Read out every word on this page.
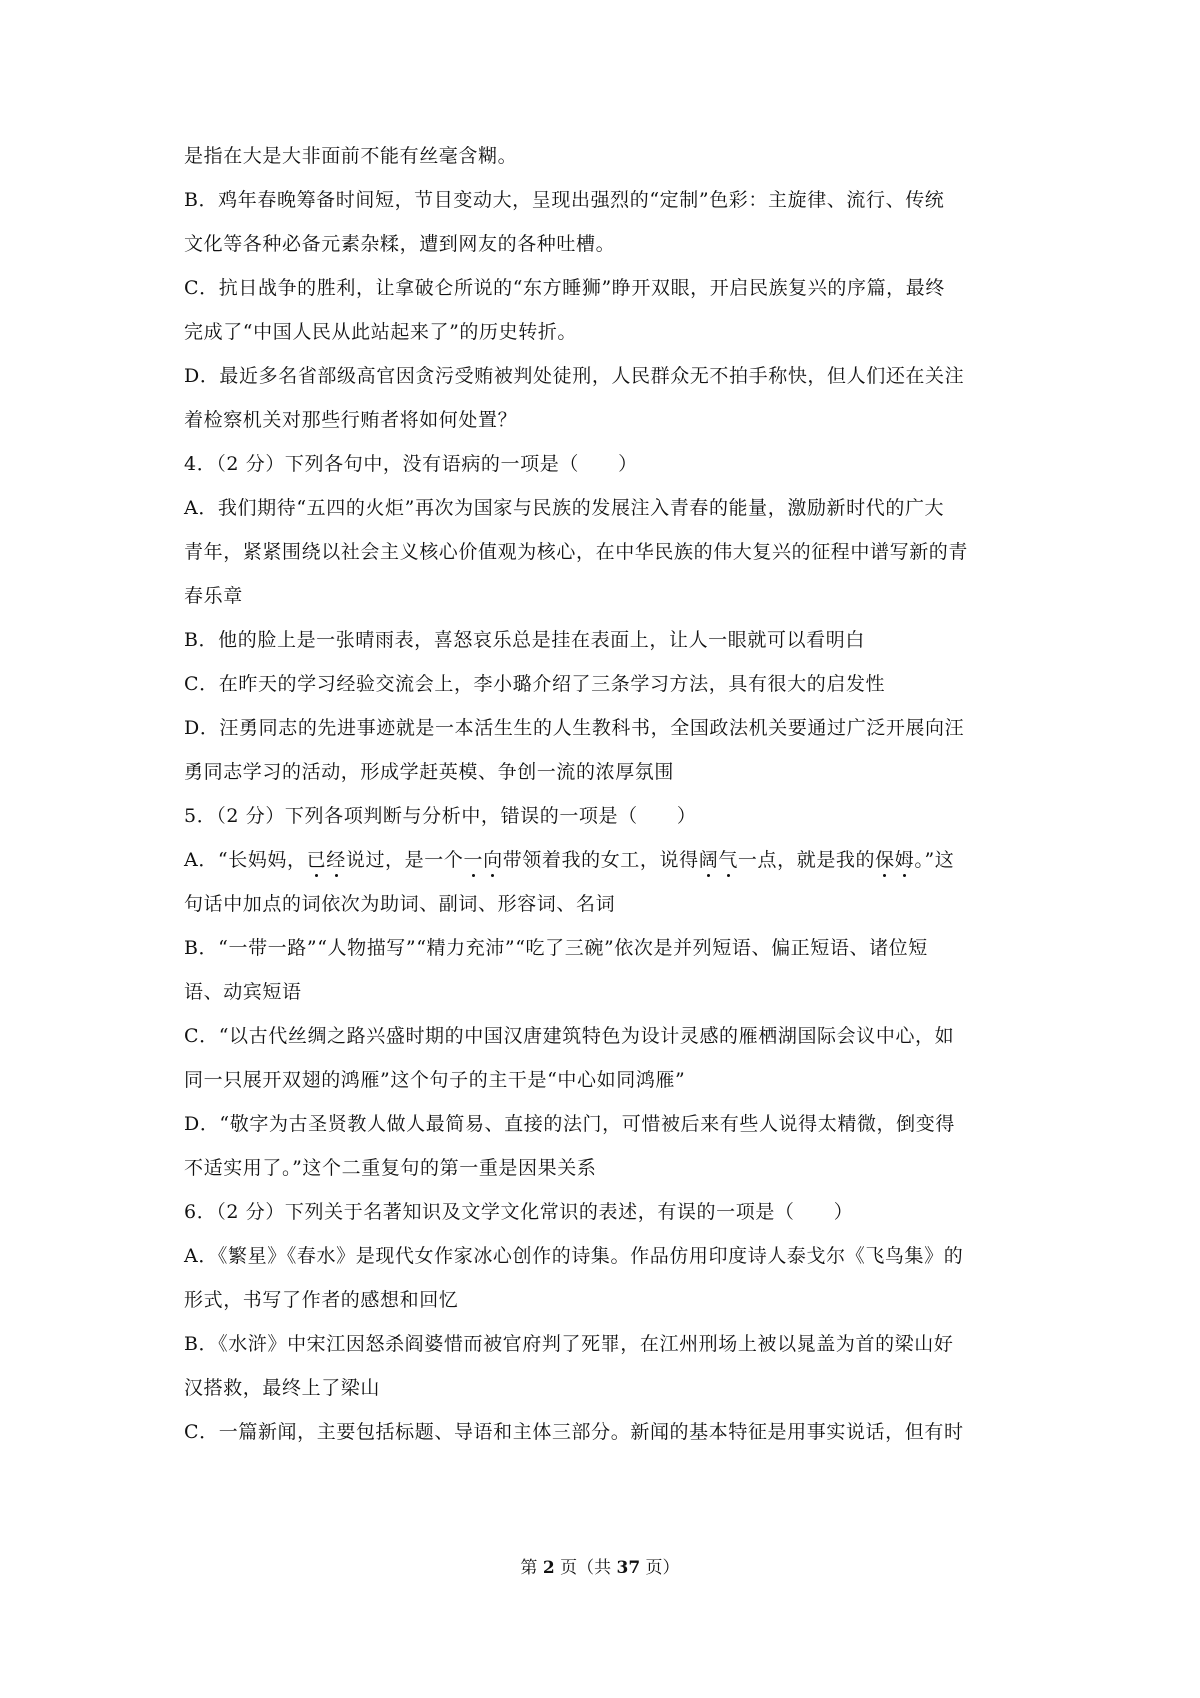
是指在大是大非面前不能有丝毫含糊。
B．鸡年春晚筹备时间短，节目变动大，呈现出强烈的“定制”色彩：主旋律、流行、传统
文化等各种必备元素杂糅，遭到网友的各种吐槽。
C．抗日战争的胜利，让拿破仑所说的“东方睡狮”睁开双眼，开启民族复兴的序篇，最终
完成了“中国人民从此站起来了”的历史转折。
D．最近多名省部级高官因贪污受贿被判处徒刑，人民群众无不拍手称快，但人们还在关注
着检察机关对那些行贿者将如何处置？
4．（2 分）下列各句中，没有语病的一项是（　　）
A．我们期待“五四的火炬”再次为国家与民族的发展注入青春的能量，激励新时代的广大
青年，紧紧围绕以社会主义核心价值观为核心，在中华民族的伟大复兴的征程中谱写新的青
春乐章
B．他的脸上是一张晴雨表，喜怒哀乐总是挂在表面上，让人一眼就可以看明白
C．在昨天的学习经验交流会上，李小璐介绍了三条学习方法，具有很大的启发性
D．汪勇同志的先进事迹就是一本活生生的人生教科书，全国政法机关要通过广泛开展向汪
勇同志学习的活动，形成学赶英模、争创一流的浓厚氛围
5．（2 分）下列各项判断与分析中，错误的一项是（　　）
A．“长妈妈，已经说过，是一个一向带领着我的女工，说得阔气一点，就是我的保姆。”这
句话中加点的词依次为助词、副词、形容词、名词
B．“一带一路”“人物描写”“精力充沛”“吃了三碗”依次是并列短语、偏正短语、诸位短
语、动宾短语
C．“以古代丝绸之路兴盛时期的中国汉唐建筑特色为设计灵感的雁栖湖国际会议中心，如
同一只展开双翅的鸿雁”这个句子的主干是“中心如同鸿雁”
D．“敬字为古圣贤教人做人最简易、直接的法门，可惜被后来有些人说得太精微，倒变得
不适实用了。”这个二重复句的第一重是因果关系
6．（2 分）下列关于名著知识及文学文化常识的表述，有误的一项是（　　）
A．《繁星》《春水》是现代女作家冰心创作的诗集。作品仿用印度诗人泰戈尔《飞鸟集》的
形式，书写了作者的感想和回忆
B．《水浒》中宋江因怒杀阎婆惜而被官府判了死罪，在江州刑场上被以晁盖为首的梁山好
汉搭救，最终上了梁山
C．一篇新闻，主要包括标题、导语和主体三部分。新闻的基本特征是用事实说话，但有时
第 2 页（共 37 页）
